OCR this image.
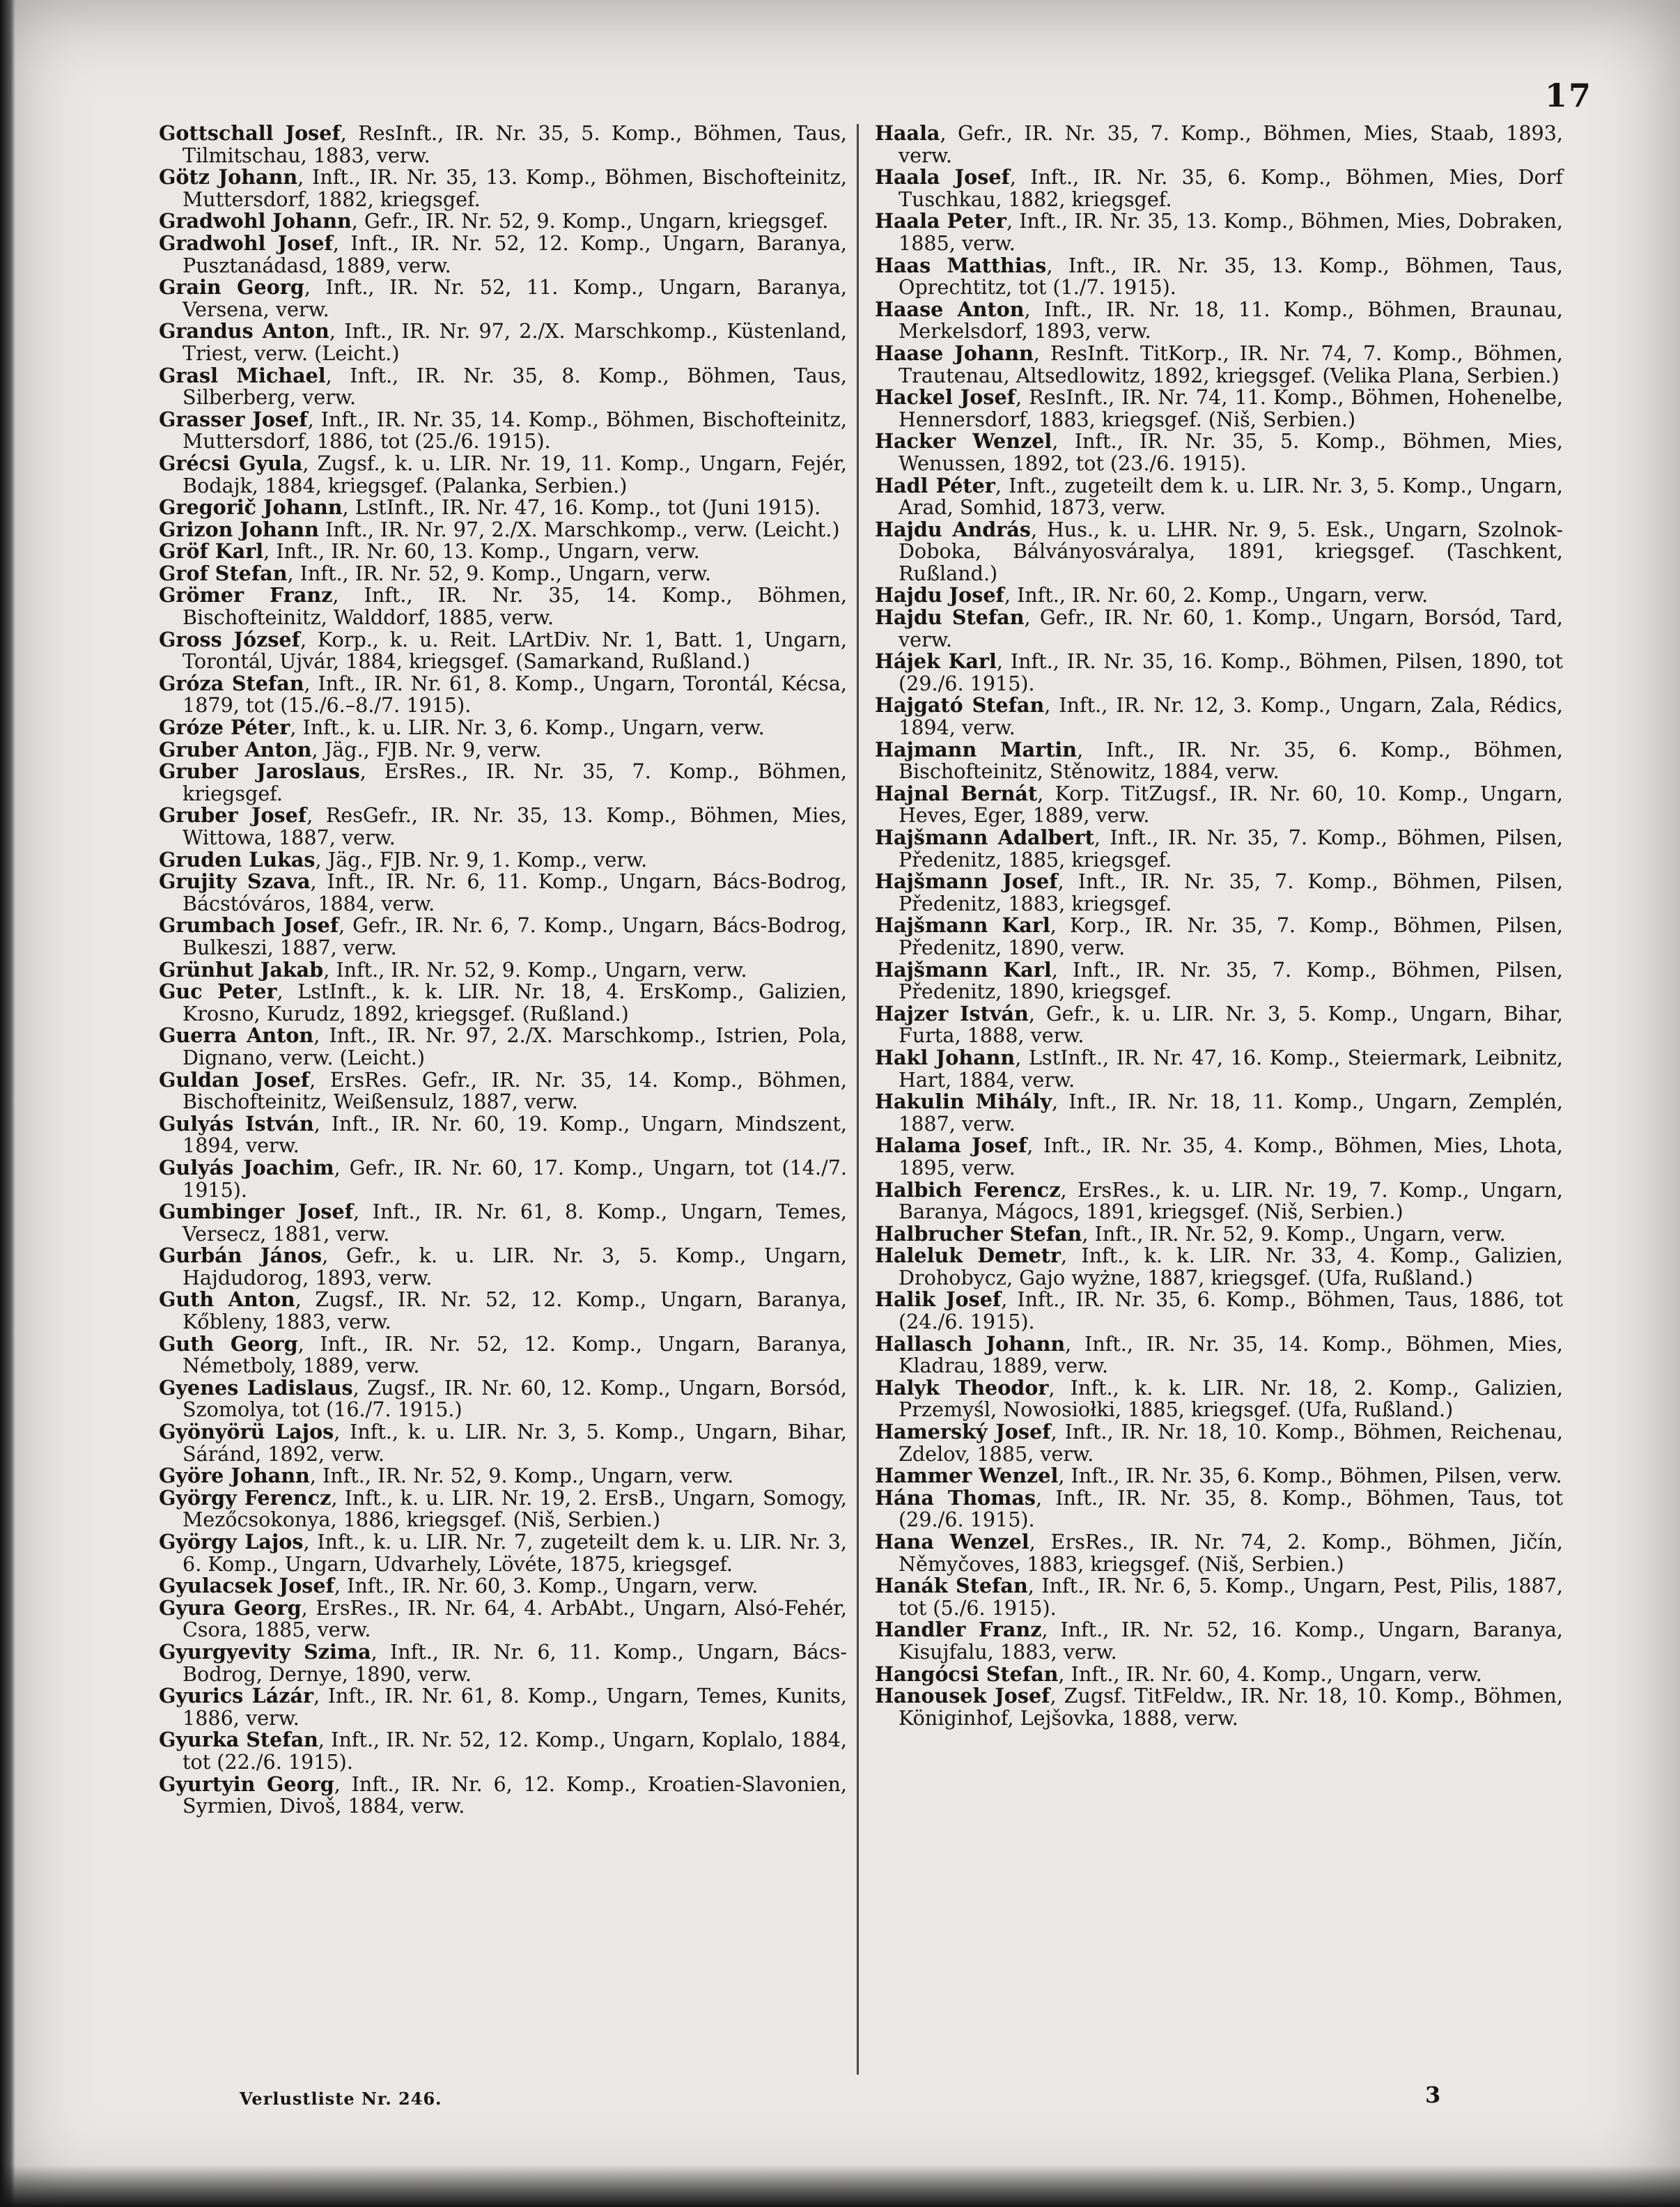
17

Gottschall Josef, ResInft., IR. Nr. 35, 5. Komp., Böhmen, Taus, Tilmitschau, 1883, verw.

Götz Johann, Inft., IR. Nr. 35, 13. Komp., Böhmen, Bischofteinitz, Muttersdorf, 1882, kriegsgef.

Gradwohl Johann, Gefr., IR. Nr. 52, 9. Komp., Ungarn, kriegsgef.

Gradwohl Josef, Inft., IR. Nr. 52, 12. Komp., Ungarn, Baranya, Pusztanádasd, 1889, verw.

Grain Georg, Inft., IR. Nr. 52, 11. Komp., Ungarn, Baranya, Versena, verw.

Grandus Anton, Inft., IR. Nr. 97, 2./X. Marschkomp., Küstenland, Triest, verw. (Leicht.)

Grasl Michael, Inft., IR. Nr. 35, 8. Komp., Böhmen, Taus, Silberberg, verw.

Grasser Josef, Inft., IR. Nr. 35, 14. Komp., Böhmen, Bischofteinitz, Muttersdorf, 1886, tot (25./6. 1915).

Grécsi Gyula, Zugsf., k. u. LIR. Nr. 19, 11. Komp., Ungarn, Fejér, Bodajk, 1884, kriegsgef. (Palanka, Serbien.)

Gregorič Johann, LstInft., IR. Nr. 47, 16. Komp., tot (Juni 1915).

Grizon Johann Inft., IR. Nr. 97, 2./X. Marschkomp., verw. (Leicht.)

Gröf Karl, Inft., IR. Nr. 60, 13. Komp., Ungarn, verw.

Grof Stefan, Inft., IR. Nr. 52, 9. Komp., Ungarn, verw.

Grömer Franz, Inft., IR. Nr. 35, 14. Komp., Böhmen, Bischofteinitz, Walddorf, 1885, verw.

Gross József, Korp., k. u. Reit. LArtDiv. Nr. 1, Batt. 1, Ungarn, Torontál, Ujvár, 1884, kriegsgef. (Samarkand, Rußland.)

Gróza Stefan, Inft., IR. Nr. 61, 8. Komp., Ungarn, Torontál, Kécsa, 1879, tot (15./6.–8./7. 1915).

Gróze Péter, Inft., k. u. LIR. Nr. 3, 6. Komp., Ungarn, verw.

Gruber Anton, Jäg., FJB. Nr. 9, verw.

Gruber Jaroslaus, ErsRes., IR. Nr. 35, 7. Komp., Böhmen, kriegsgef.

Gruber Josef, ResGefr., IR. Nr. 35, 13. Komp., Böhmen, Mies, Wittowa, 1887, verw.

Gruden Lukas, Jäg., FJB. Nr. 9, 1. Komp., verw.

Grujity Szava, Inft., IR. Nr. 6, 11. Komp., Ungarn, Bács-Bodrog, Bácstóváros, 1884, verw.

Grumbach Josef, Gefr., IR. Nr. 6, 7. Komp., Ungarn, Bács-Bodrog, Bulkeszi, 1887, verw.

Grünhut Jakab, Inft., IR. Nr. 52, 9. Komp., Ungarn, verw.

Guc Peter, LstInft., k. k. LIR. Nr. 18, 4. ErsKomp., Galizien, Krosno, Kurudz, 1892, kriegsgef. (Rußland.)

Guerra Anton, Inft., IR. Nr. 97, 2./X. Marschkomp., Istrien, Pola, Dignano, verw. (Leicht.)

Guldan Josef, ErsRes. Gefr., IR. Nr. 35, 14. Komp., Böhmen, Bischofteinitz, Weißensulz, 1887, verw.

Gulyás István, Inft., IR. Nr. 60, 19. Komp., Ungarn, Mindszent, 1894, verw.

Gulyás Joachim, Gefr., IR. Nr. 60, 17. Komp., Ungarn, tot (14./7. 1915).

Gumbinger Josef, Inft., IR. Nr. 61, 8. Komp., Ungarn, Temes, Versecz, 1881, verw.

Gurbán János, Gefr., k. u. LIR. Nr. 3, 5. Komp., Ungarn, Hajdudorog, 1893, verw.

Guth Anton, Zugsf., IR. Nr. 52, 12. Komp., Ungarn, Baranya, Kőbleny, 1883, verw.

Guth Georg, Inft., IR. Nr. 52, 12. Komp., Ungarn, Baranya, Németboly, 1889, verw.

Gyenes Ladislaus, Zugsf., IR. Nr. 60, 12. Komp., Ungarn, Borsód, Szomolya, tot (16./7. 1915.)

Gyönyörü Lajos, Inft., k. u. LIR. Nr. 3, 5. Komp., Ungarn, Bihar, Sáránd, 1892, verw.

Györe Johann, Inft., IR. Nr. 52, 9. Komp., Ungarn, verw.

György Ferencz, Inft., k. u. LIR. Nr. 19, 2. ErsB., Ungarn, Somogy, Mezőcsokonya, 1886, kriegsgef. (Niš, Serbien.)

György Lajos, Inft., k. u. LIR. Nr. 7, zugeteilt dem k. u. LIR. Nr. 3, 6. Komp., Ungarn, Udvarhely, Lövéte, 1875, kriegsgef.

Gyulacsek Josef, Inft., IR. Nr. 60, 3. Komp., Ungarn, verw.

Gyura Georg, ErsRes., IR. Nr. 64, 4. ArbAbt., Ungarn, Alsó-Fehér, Csora, 1885, verw.

Gyurgyevity Szima, Inft., IR. Nr. 6, 11. Komp., Ungarn, Bács-Bodrog, Dernye, 1890, verw.

Gyurics Lázár, Inft., IR. Nr. 61, 8. Komp., Ungarn, Temes, Kunits, 1886, verw.

Gyurka Stefan, Inft., IR. Nr. 52, 12. Komp., Ungarn, Koplalo, 1884, tot (22./6. 1915).

Gyurtyin Georg, Inft., IR. Nr. 6, 12. Komp., Kroatien-Slavonien, Syrmien, Divoš, 1884, verw.

Haala, Gefr., IR. Nr. 35, 7. Komp., Böhmen, Mies, Staab, 1893, verw.

Haala Josef, Inft., IR. Nr. 35, 6. Komp., Böhmen, Mies, Dorf Tuschkau, 1882, kriegsgef.

Haala Peter, Inft., IR. Nr. 35, 13. Komp., Böhmen, Mies, Dobraken, 1885, verw.

Haas Matthias, Inft., IR. Nr. 35, 13. Komp., Böhmen, Taus, Oprechtitz, tot (1./7. 1915).

Haase Anton, Inft., IR. Nr. 18, 11. Komp., Böhmen, Braunau, Merkelsdorf, 1893, verw.

Haase Johann, ResInft. TitKorp., IR. Nr. 74, 7. Komp., Böhmen, Trautenau, Altsedlowitz, 1892, kriegsgef. (Velika Plana, Serbien.)

Hackel Josef, ResInft., IR. Nr. 74, 11. Komp., Böhmen, Hohenelbe, Hennersdorf, 1883, kriegsgef. (Niš, Serbien.)

Hacker Wenzel, Inft., IR. Nr. 35, 5. Komp., Böhmen, Mies, Wenussen, 1892, tot (23./6. 1915).

Hadl Péter, Inft., zugeteilt dem k. u. LIR. Nr. 3, 5. Komp., Ungarn, Arad, Somhid, 1873, verw.

Hajdu András, Hus., k. u. LHR. Nr. 9, 5. Esk., Ungarn, Szolnok-Doboka, Bálványosváralya, 1891, kriegsgef. (Taschkent, Rußland.)

Hajdu Josef, Inft., IR. Nr. 60, 2. Komp., Ungarn, verw.

Hajdu Stefan, Gefr., IR. Nr. 60, 1. Komp., Ungarn, Borsód, Tard, verw.

Hájek Karl, Inft., IR. Nr. 35, 16. Komp., Böhmen, Pilsen, 1890, tot (29./6. 1915).

Hajgató Stefan, Inft., IR. Nr. 12, 3. Komp., Ungarn, Zala, Rédics, 1894, verw.

Hajmann Martin, Inft., IR. Nr. 35, 6. Komp., Böhmen, Bischofteinitz, Stěnowitz, 1884, verw.

Hajnal Bernát, Korp. TitZugsf., IR. Nr. 60, 10. Komp., Ungarn, Heves, Eger, 1889, verw.

Hajšmann Adalbert, Inft., IR. Nr. 35, 7. Komp., Böhmen, Pilsen, Předenitz, 1885, kriegsgef.

Hajšmann Josef, Inft., IR. Nr. 35, 7. Komp., Böhmen, Pilsen, Předenitz, 1883, kriegsgef.

Hajšmann Karl, Korp., IR. Nr. 35, 7. Komp., Böhmen, Pilsen, Předenitz, 1890, verw.

Hajšmann Karl, Inft., IR. Nr. 35, 7. Komp., Böhmen, Pilsen, Předenitz, 1890, kriegsgef.

Hajzer István, Gefr., k. u. LIR. Nr. 3, 5. Komp., Ungarn, Bihar, Furta, 1888, verw.

Hakl Johann, LstInft., IR. Nr. 47, 16. Komp., Steiermark, Leibnitz, Hart, 1884, verw.

Hakulin Mihály, Inft., IR. Nr. 18, 11. Komp., Ungarn, Zemplén, 1887, verw.

Halama Josef, Inft., IR. Nr. 35, 4. Komp., Böhmen, Mies, Lhota, 1895, verw.

Halbich Ferencz, ErsRes., k. u. LIR. Nr. 19, 7. Komp., Ungarn, Baranya, Mágocs, 1891, kriegsgef. (Niš, Serbien.)

Halbrucher Stefan, Inft., IR. Nr. 52, 9. Komp., Ungarn, verw.

Haleluk Demetr, Inft., k. k. LIR. Nr. 33, 4. Komp., Galizien, Drohobycz, Gajo wyżne, 1887, kriegsgef. (Ufa, Rußland.)

Halik Josef, Inft., IR. Nr. 35, 6. Komp., Böhmen, Taus, 1886, tot (24./6. 1915).

Hallasch Johann, Inft., IR. Nr. 35, 14. Komp., Böhmen, Mies, Kladrau, 1889, verw.

Halyk Theodor, Inft., k. k. LIR. Nr. 18, 2. Komp., Galizien, Przemyśl, Nowosiołki, 1885, kriegsgef. (Ufa, Rußland.)

Hamerský Josef, Inft., IR. Nr. 18, 10. Komp., Böhmen, Reichenau, Zdelov, 1885, verw.

Hammer Wenzel, Inft., IR. Nr. 35, 6. Komp., Böhmen, Pilsen, verw.

Hána Thomas, Inft., IR. Nr. 35, 8. Komp., Böhmen, Taus, tot (29./6. 1915).

Hana Wenzel, ErsRes., IR. Nr. 74, 2. Komp., Böhmen, Jičín, Němyčoves, 1883, kriegsgef. (Niš, Serbien.)

Hanák Stefan, Inft., IR. Nr. 6, 5. Komp., Ungarn, Pest, Pilis, 1887, tot (5./6. 1915).

Handler Franz, Inft., IR. Nr. 52, 16. Komp., Ungarn, Baranya, Kisujfalu, 1883, verw.

Hangócsi Stefan, Inft., IR. Nr. 60, 4. Komp., Ungarn, verw.

Hanousek Josef, Zugsf. TitFeldw., IR. Nr. 18, 10. Komp., Böhmen, Königinhof, Lejšovka, 1888, verw.

Verlustliste Nr. 246.	3
